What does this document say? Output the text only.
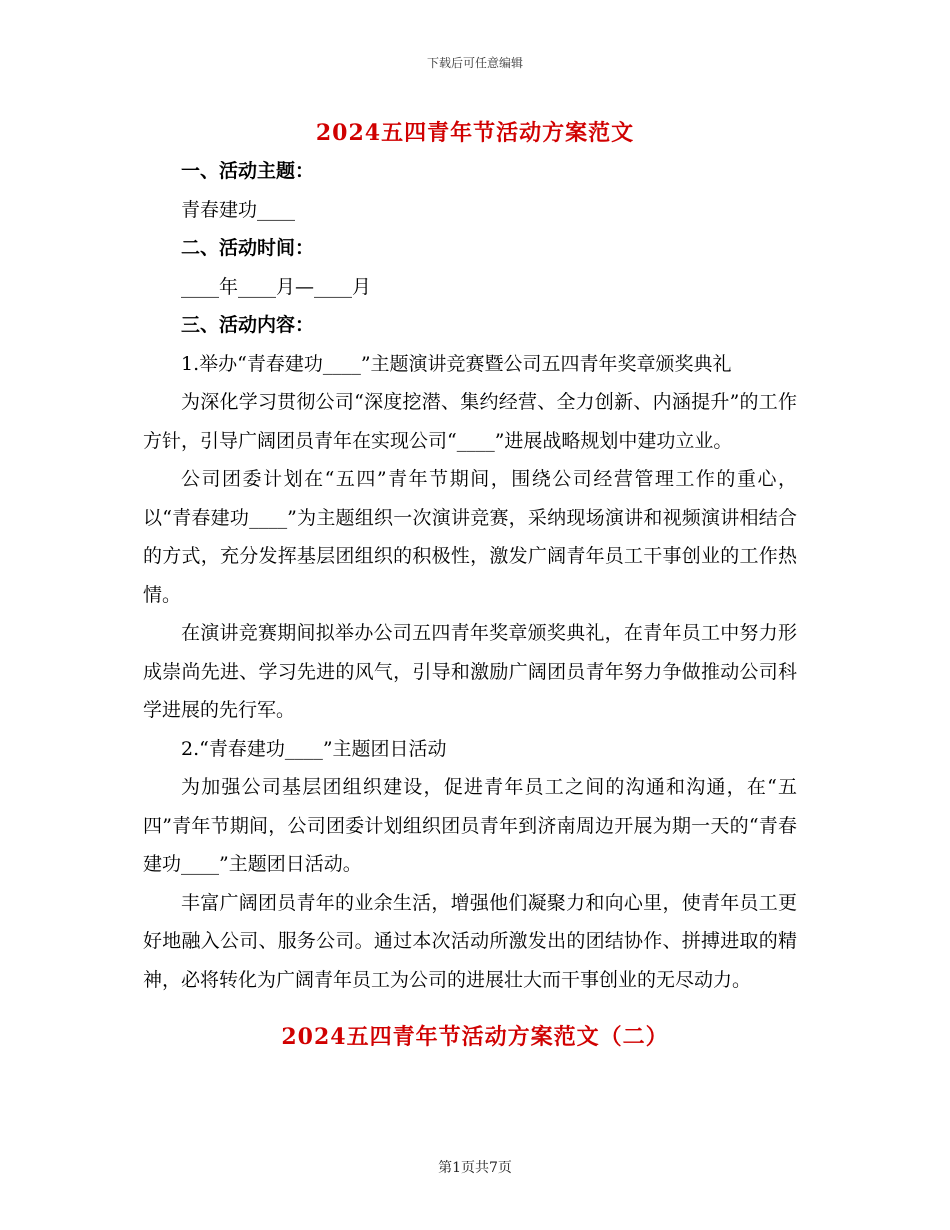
下载后可任意编辑
2024五四青年节活动方案范文

一、活动主题：

青春建功____

二、活动时间：

____年____月—____月

三、活动内容：

1.举办“青春建功____”主题演讲竞赛暨公司五四青年奖章颁奖典礼

为深化学习贯彻公司“深度挖潜、集约经营、全力创新、内涵提升”的工作方针，引导广阔团员青年在实现公司“____”进展战略规划中建功立业。

公司团委计划在“五四”青年节期间，围绕公司经营管理工作的重心，以“青春建功____”为主题组织一次演讲竞赛，采纳现场演讲和视频演讲相结合的方式，充分发挥基层团组织的积极性，激发广阔青年员工干事创业的工作热情。

在演讲竞赛期间拟举办公司五四青年奖章颁奖典礼，在青年员工中努力形成崇尚先进、学习先进的风气，引导和激励广阔团员青年努力争做推动公司科学进展的先行军。

2.“青春建功____”主题团日活动

为加强公司基层团组织建设，促进青年员工之间的沟通和沟通，在“五四”青年节期间，公司团委计划组织团员青年到济南周边开展为期一天的“青春建功____”主题团日活动。

丰富广阔团员青年的业余生活，增强他们凝聚力和向心里，使青年员工更好地融入公司、服务公司。通过本次活动所激发出的团结协作、拼搏进取的精神，必将转化为广阔青年员工为公司的进展壮大而干事创业的无尽动力。

2024五四青年节活动方案范文（二）
第1页共7页
